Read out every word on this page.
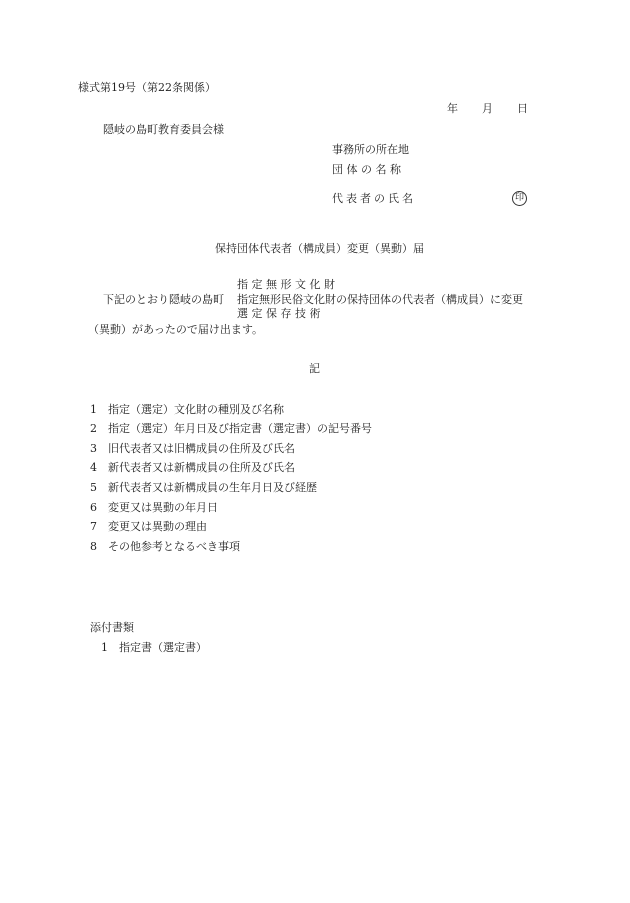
様式第19号（第22条関係）
年 月 日
隠岐の島町教育委員会様
事務所の所在地
団 体 の 名 称
代表者の氏名	印
保持団体代表者（構成員）変更（異動）届
指 定 無 形 文 化 財
下記のとおり隠岐の島町 指定無形民俗文化財の保持団体の代表者（構成員）に変更
選 定 保 存 技 術
（異動）があったので届け出ます。
記
1 指定（選定）文化財の種別及び名称
2 指定（選定）年月日及び指定書（選定書）の記号番号
3 旧代表者又は旧構成員の住所及び氏名
4 新代表者又は新構成員の住所及び氏名
5 新代表者又は新構成員の生年月日及び経歴
6 変更又は異動の年月日
7 変更又は異動の理由
8 その他参考となるべき事項
添付書類
1 指定書（選定書）
